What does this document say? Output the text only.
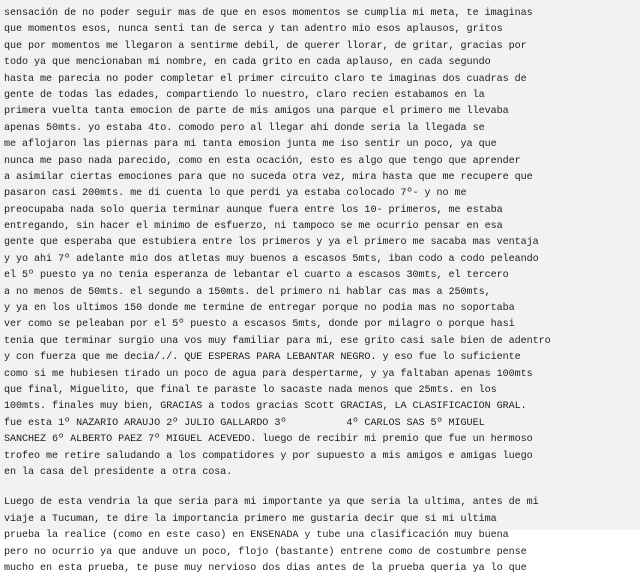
sensación de no poder seguir mas de que en esos momentos se cumplia mi meta, te imaginas
que momentos esos, nunca senti tan de serca y tan adentro mio esos aplausos, gritos
que por momentos me llegaron a sentirme debil, de querer llorar, de gritar, gracias por
todo ya que mencionaban mi nombre, en cada grito en cada aplauso, en cada segundo
hasta me parecia no poder completar el primer circuito claro te imaginas dos cuadras de
gente de todas las edades, compartiendo lo nuestro, claro recien estabamos en la
primera vuelta tanta emocion de parte de mis amigos una parque el primero me llevaba
apenas 50mts. yo estaba 4to. comodo pero al llegar ahi donde seria la llegada se
me aflojaron las piernas para mi tanta emosion junta me iso sentir un poco, ya que
nunca me paso nada parecido, como en esta ocación, esto es algo que tengo que aprender
a asimilar ciertas emociones para que no suceda otra vez, mira hasta que me recupere que
pasaron casi 200mts. me di cuenta lo que perdi ya estaba colocado 7º- y no me
preocupaba nada solo queria terminar aunque fuera entre los 10- primeros, me estaba
entregando, sin hacer el minimo de esfuerzo, ni tampoco se me ocurrio pensar en esa
gente que esperaba que estubiera entre los primeros y ya el primero me sacaba mas ventaja
y yo ahi 7º adelante mio dos atletas muy buenos a escasos 5mts, iban codo a codo peleando
el 5º puesto ya no tenia esperanza de lebantar el cuarto a escasos 30mts, el tercero
a no menos de 50mts. el segundo a 150mts. del primero ni hablar cas mas a 250mts,
y ya en los ultimos 150 donde me termine de entregar porque no podia mas no soportaba
ver como se peleaban por el 5º puesto a escasos 5mts, donde por milagro o porque hasi
tenia que terminar surgio una vos muy familiar para mi, ese grito casi sale bien de adentro
y con fuerza que me decia/./. QUE ESPERAS PARA LEBANTAR NEGRO. y eso fue lo suficiente
como si me hubiesen tirado un poco de agua para despertarme, y ya faltaban apenas 100mts
que final, Miguelito, que final te paraste lo sacaste nada menos que 25mts. en los
100mts. finales muy bien, GRACIAS a todos gracias Scott GRACIAS, LA CLASIFICACION GRAL.
fue esta 1º NAZARIO ARAUJO 2º JULIO GALLARDO 3º          4º CARLOS SAS 5º MIGUEL
SANCHEZ 6º ALBERTO PAEZ 7º MIGUEL ACEVEDO. luego de recibir mi premio que fue un hermoso
trofeo me retire saludando a los compatidores y por supuesto a mis amigos e amigas luego
en la casa del presidente a otra cosa.
Luego de esta vendria la que seria para mi importante ya que seria la ultima, antes de mi
viaje a Tucuman, te dire la importancia primero me gustaria decir que si mi ultima
prueba la realice (como en este caso) en ENSENADA y tube una clasificación muy buena
pero no ocurrio ya que anduve un poco, flojo (bastante) entrene como de costumbre pense
mucho en esta prueba, te puse muy nervioso dos dias antes de la prueba queria ya lo que
